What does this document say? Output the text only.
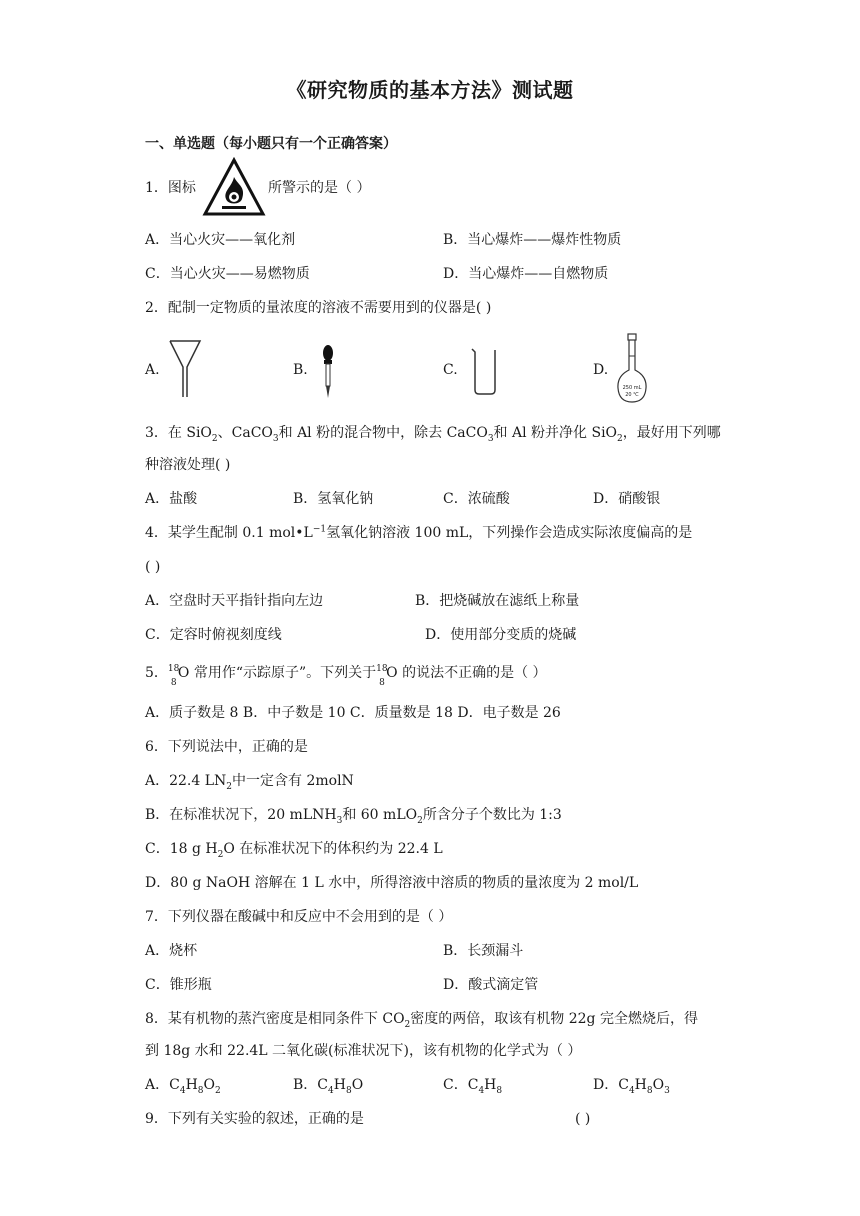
《研究物质的基本方法》测试题
一、单选题（每小题只有一个正确答案）
1．图标	所警示的是（ ）
A．当心火灾——氧化剂	B．当心爆炸——爆炸性物质
C．当心火灾——易燃物质	D．当心爆炸——自燃物质
2．配制一定物质的量浓度的溶液不需要用到的仪器是( )
A.	B.	C.	D.
250 mL
20 ℃
3．在 SiO$_2$、CaCO$_3$和 Al 粉的混合物中，除去 CaCO$_3$和 Al 粉并净化 SiO$_2$，最好用下列哪
种溶液处理( )
A．盐酸	B．氢氧化钠	C．浓硫酸	D．硝酸银
4．某学生配制 0.1 $mol•L^{-1}$氢氧化钠溶液 100 mL，下列操作会造成实际浓度偏高的是
( )
A．空盘时天平指针指向左边	B．把烧碱放在滤纸上称量
C．定容时俯视刻度线	D．使用部分变质的烧碱
5． 18
8
O 常用作“示踪原子”。下列关于 18
8
O 的说法不正确的是（ ）
A．质子数是 8 B．中子数是 10 C．质量数是 18 D．电子数是 26
6．下列说法中，正确的是
A．22.4 $LN_2$中一定含有 2molN
B．在标准状况下，20 mLNH$_3$和 60 mLO$_2$所含分子个数比为 1:3
C．18 g $H_2O$ 在标准状况下的体积约为 22.4 L
D．80 g NaOH 溶解在 1 L 水中，所得溶液中溶质的物质的量浓度为 2 mol/L
7．下列仪器在酸碱中和反应中不会用到的是（ ）
A．烧杯	B．长颈漏斗
C．锥形瓶	D．酸式滴定管
8．某有机物的蒸汽密度是相同条件下 $CO_2$密度的两倍，取该有机物 22g 完全燃烧后，得
到 18g 水和 22.4L 二氧化碳(标准状况下)，该有机物的化学式为（ ）
A．$C_4H_8O_2$	B．$C_4H_8O$	C．$C_4H_8$	D．$C_4H_8O_3$
9．下列有关实验的叙述，正确的是	( )
